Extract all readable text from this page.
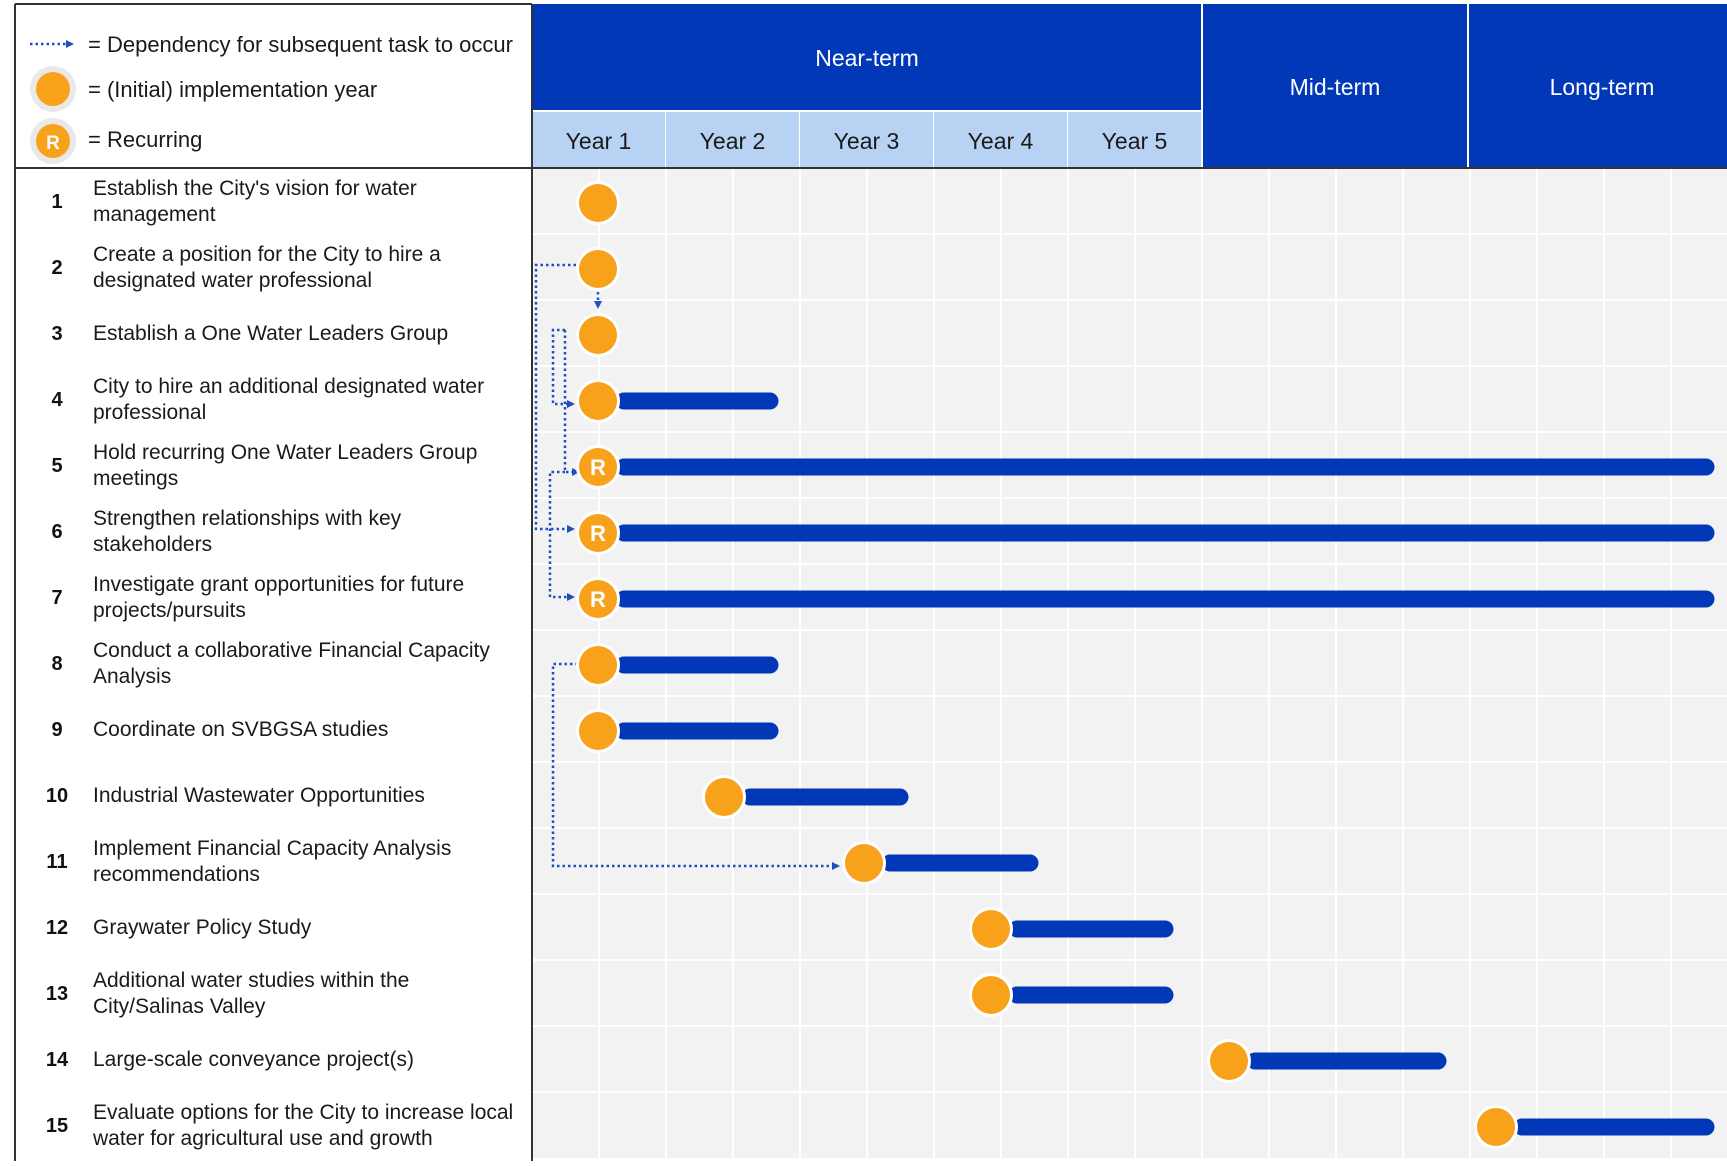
= Dependency for subsequent task to occur
= (Initial) implementation year
R = Recurring
Near-term
Mid-term	Long-term
Year 1	Year 2	Year 3	Year 4	Year 5
1
Establish the City's vision for water management
2
Create a position for the City to hire a designated water professional
3 Establish a One Water Leaders Group
4
City to hire an additional designated water professional
5
Hold recurring One Water Leaders Group meetings
6
Strengthen relationships with key stakeholders
7
Investigate grant opportunities for future projects/pursuits
8
Conduct a collaborative Financial Capacity Analysis
9 Coordinate on SVBGSA studies
10 Industrial Wastewater Opportunities
11
Implement Financial Capacity Analysis recommendations
12 Graywater Policy Study
13
Additional water studies within the City/Salinas Valley
14 Large-scale conveyance project(s)
15
Evaluate options for the City to increase local water for agricultural use and growth
R
R
R
